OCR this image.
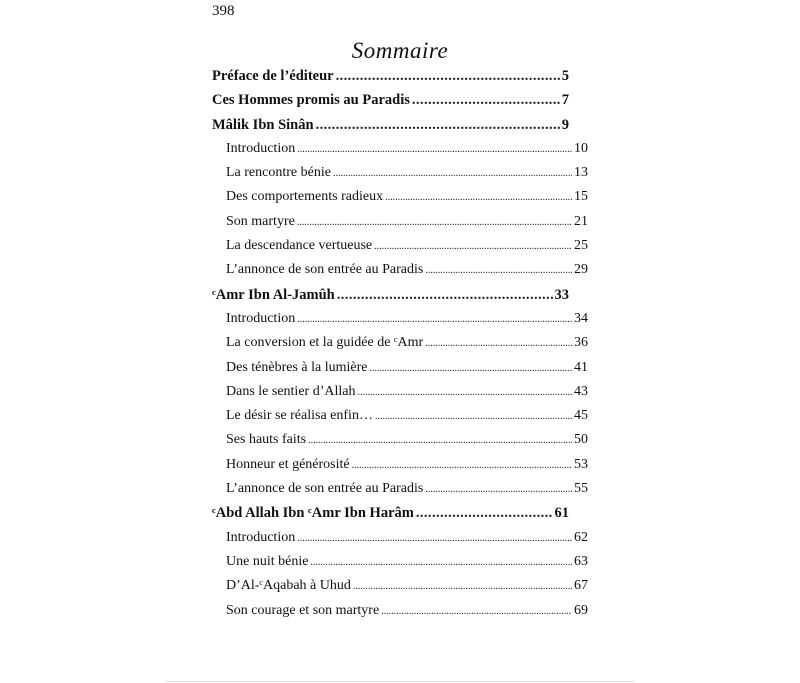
398
Sommaire
Préface de l’éditeur .....	5
Ces Hommes promis au Paradis .....	7
Mâlik Ibn Sinân .....	9
Introduction .....	10
La rencontre bénie .....	13
Des comportements radieux .....	15
Son martyre .....	21
La descendance vertueuse .....	25
L’annonce de son entrée au Paradis .....	29
ᶜAmr Ibn Al-Jamûh .....	33
Introduction .....	34
La conversion et la guidée de ᶜAmr .....	36
Des ténèbres à la lumière .....	41
Dans le sentier d’Allah .....	43
Le désir se réalisa enfin… .....	45
Ses hauts faits .....	50
Honneur et générosité .....	53
L’annonce de son entrée au Paradis .....	55
ᶜAbd Allah Ibn ᶜAmr Ibn Harâm .....	61
Introduction .....	62
Une nuit bénie .....	63
D’Al-ᶜAqabah à Uhud .....	67
Son courage et son martyre .....	69
